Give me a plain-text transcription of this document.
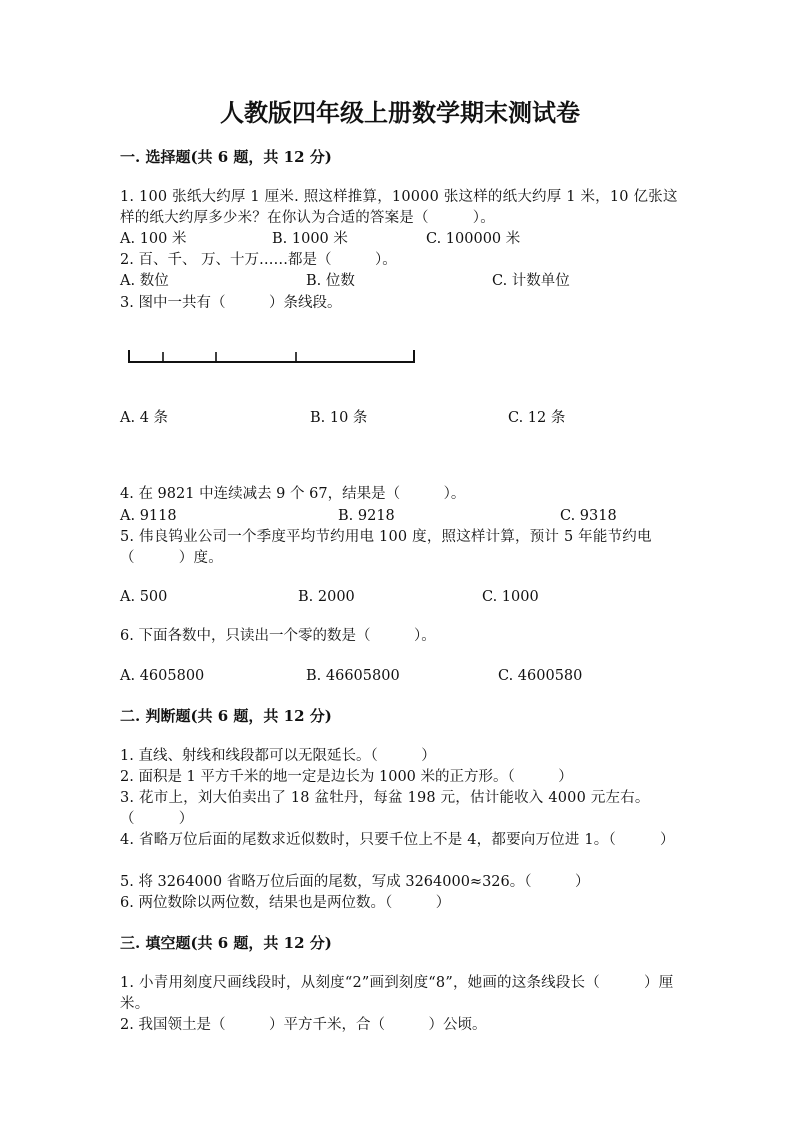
人教版四年级上册数学期末测试卷
一. 选择题(共 6 题，共 12 分)
1. 100 张纸大约厚 1 厘米. 照这样推算，10000 张这样的纸大约厚 1 米，10 亿张这样的纸大约厚多少米？在你认为合适的答案是（　　　）。
A. 100 米	B. 1000 米	C. 100000 米
2. 百、千、 万、十万……都是（　　　）。
A. 数位	B. 位数	C. 计数单位
3. 图中一共有（　　　）条线段。
A. 4 条	B. 10 条	C. 12 条
4. 在 9821 中连续减去 9 个 67，结果是（　　　）。
A. 9118	B. 9218	C. 9318
5. 伟良钨业公司一个季度平均节约用电 100 度，照这样计算，预计 5 年能节约电（　　　）度。
A. 500	B. 2000	C. 1000
6. 下面各数中，只读出一个零的数是（　　　）。
A. 4605800	B. 46605800	C. 4600580
二. 判断题(共 6 题，共 12 分)
1. 直线、射线和线段都可以无限延长。（　　　）
2. 面积是 1 平方千米的地一定是边长为 1000 米的正方形。（　　　）
3. 花市上，刘大伯卖出了 18 盆牡丹，每盆 198 元，估计能收入 4000 元左右。（　　　）
4. 省略万位后面的尾数求近似数时，只要千位上不是 4，都要向万位进 1。（　　　）
5. 将 3264000 省略万位后面的尾数，写成 3264000≈326。（　　　）
6. 两位数除以两位数，结果也是两位数。（　　　）
三. 填空题(共 6 题，共 12 分)
1. 小青用刻度尺画线段时，从刻度“2”画到刻度“8”，她画的这条线段长（　　　）厘米。
2. 我国领土是（　　　）平方千米，合（　　　）公顷。
